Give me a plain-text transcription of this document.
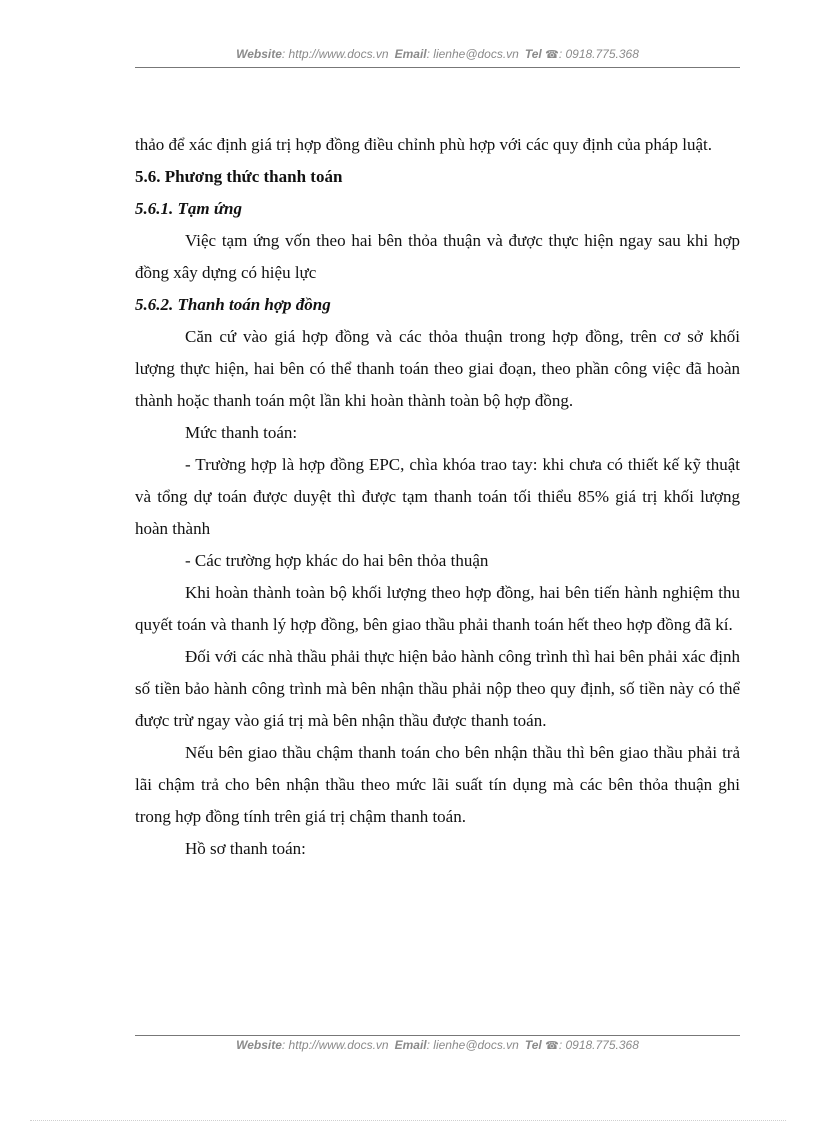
Website: http://www.docs.vn Email: lienhe@docs.vn Tel ☎: 0918.775.368

thảo để xác định giá trị hợp đồng điều chỉnh phù hợp với các quy định của pháp luật.

5.6. Phương thức thanh toán

5.6.1. Tạm ứng

Việc tạm ứng vốn theo hai bên thỏa thuận và được thực hiện ngay sau khi hợp đồng xây dựng có hiệu lực

5.6.2. Thanh toán hợp đồng

Căn cứ vào giá hợp đồng và các thỏa thuận trong hợp đồng, trên cơ sở khối lượng thực hiện, hai bên có thể thanh toán theo giai đoạn, theo phần công việc đã hoàn thành hoặc thanh toán một lần khi hoàn thành toàn bộ hợp đồng.

Mức thanh toán:

- Trường hợp là hợp đồng EPC, chìa khóa trao tay: khi chưa có thiết kế kỹ thuật và tổng dự toán được duyệt thì được tạm thanh toán tối thiểu 85% giá trị khối lượng hoàn thành

- Các trường hợp khác do hai bên thỏa thuận

Khi hoàn thành toàn bộ khối lượng theo hợp đồng, hai bên tiến hành nghiệm thu quyết toán và thanh lý hợp đồng, bên giao thầu phải thanh toán hết theo hợp đồng đã kí.

Đối với các nhà thầu phải thực hiện bảo hành công trình thì hai bên phải xác định số tiền bảo hành công trình mà bên nhận thầu phải nộp theo quy định, số tiền này có thể được trừ ngay vào giá trị mà bên nhận thầu được thanh toán.

Nếu bên giao thầu chậm thanh toán cho bên nhận thầu thì bên giao thầu phải trả lãi chậm trả cho bên nhận thầu theo mức lãi suất tín dụng mà các bên thỏa thuận ghi trong hợp đồng tính trên giá trị chậm thanh toán.

Hồ sơ thanh toán:

Website: http://www.docs.vn Email: lienhe@docs.vn Tel ☎: 0918.775.368
